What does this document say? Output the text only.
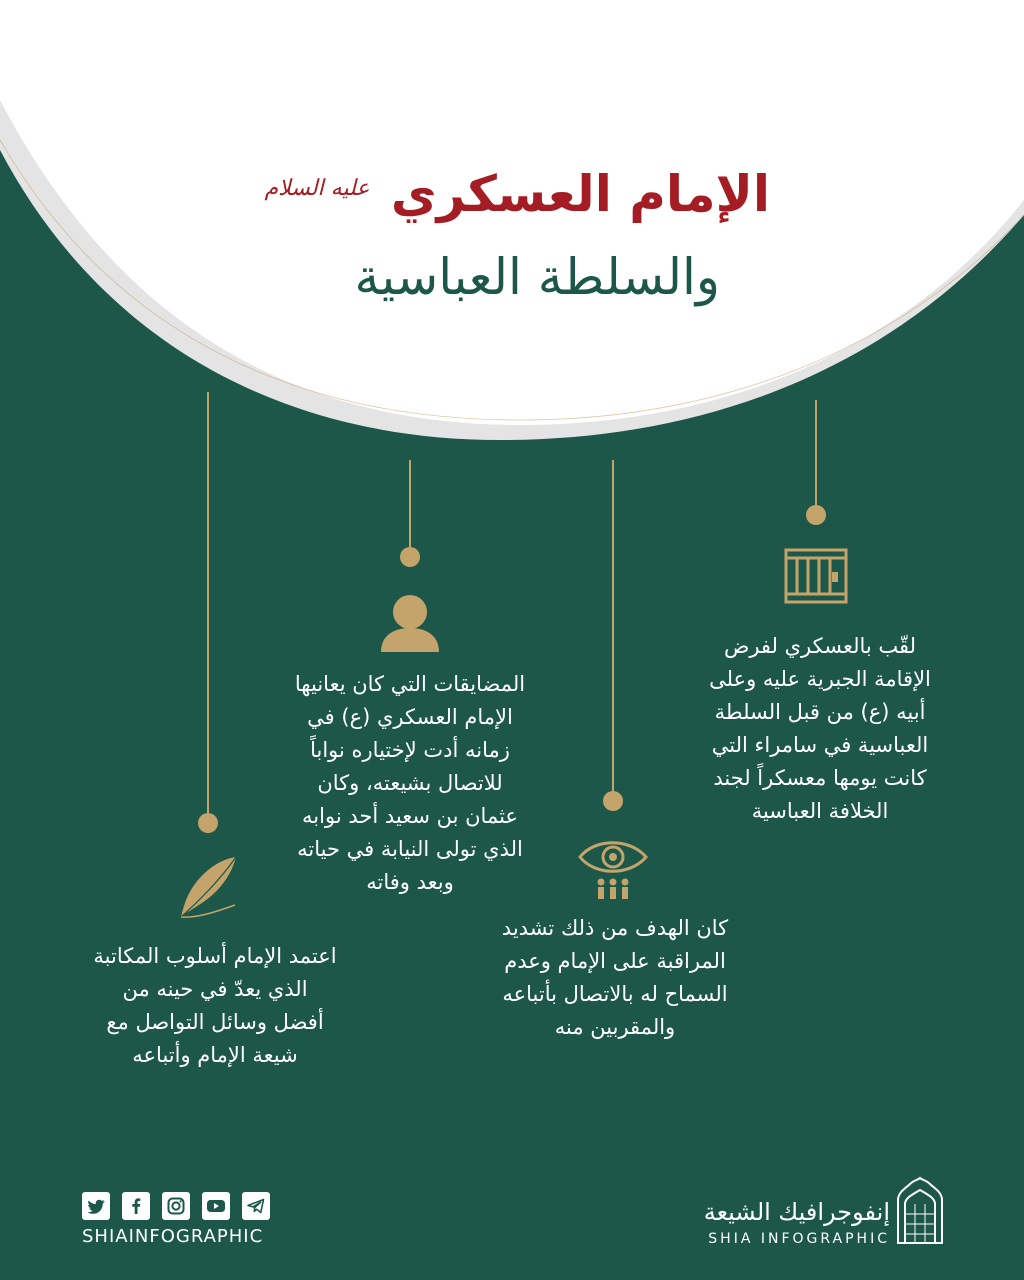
الإمام العسكري
عليه السلام
والسلطة العباسية
لقّب بالعسكري لفرض
الإقامة الجبرية عليه وعلى
أبيه (ع) من قبل السلطة
العباسية في سامراء التي
كانت يومها معسكراً لجند
الخلافة العباسية
المضايقات التي كان يعانيها
الإمام العسكري (ع) في
زمانه أدت لإختياره نواباً
للاتصال بشيعته، وكان
عثمان بن سعيد أحد نوابه
الذي تولى النيابة في حياته
وبعد وفاته
كان الهدف من ذلك تشديد
المراقبة على الإمام وعدم
السماح له بالاتصال بأتباعه
والمقربين منه
اعتمد الإمام أسلوب المكاتبة
الذي يعدّ في حينه من
أفضل وسائل التواصل مع
شيعة الإمام وأتباعه
إنفوجرافيك الشيعة
SHIA INFOGRAPHIC
SHIAINFOGRAPHIC
